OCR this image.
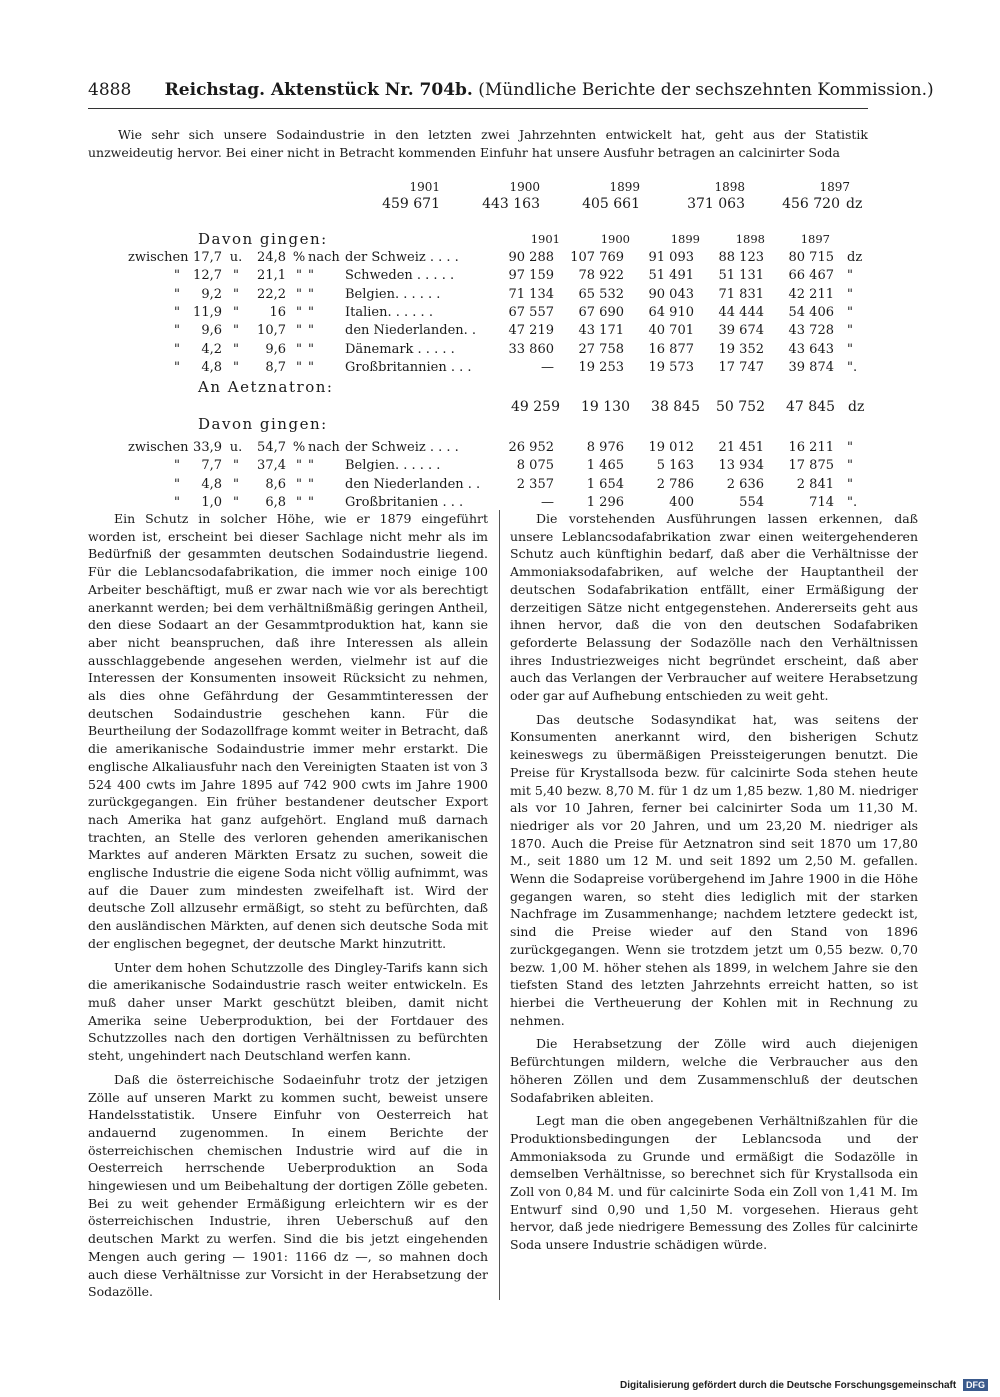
4888 Reichstag. Aktenstück Nr. 704b. (Mündliche Berichte der sechszehnten Kommission.)

Wie sehr sich unsere Sodaindustrie in den letzten zwei Jahrzehnten entwickelt hat, geht aus der Statistik unzweideutig hervor. Bei einer nicht in Betracht kommenden Einfuhr hat unsere Ausfuhr betragen an calcinirter Soda

1901	1900	1899	1898	1897
459 671	443 163	405 661	371 063	456 720 dz
Davon gingen:	1901	1900	1899	1898	1897
zwischen 17,7 u.	24,8 % nach der Schweiz . . . .	90 288	107 769	91 093	88 123	80 715 dz
"	12,7 "	21,1 " "	Schweden . . . . .	97 159	78 922	51 491	51 131	66 467 "
"	9,2 "	22,2 " "	Belgien. . . . . .	71 134	65 532	90 043	71 831	42 211 "
"	11,9 "	16 " "	Italien. . . . . .	67 557	67 690	64 910	44 444	54 406 "
"	9,6 "	10,7 " "	den Niederlanden. .	47 219	43 171	40 701	39 674	43 728 "
"	4,2 "	9,6 " "	Dänemark . . . . .	33 860	27 758	16 877	19 352	43 643 "
"	4,8 "	8,7 " "	Großbritannien . . .	—	19 253	19 573	17 747	39 874 ".
An Aetznatron:
49 259	19 130	38 845	50 752	47 845 dz
Davon gingen:
zwischen 33,9 u.	54,7 % nach der Schweiz . . . .	26 952	8 976	19 012	21 451	16 211 "
"	7,7 "	37,4 " "	Belgien. . . . . .	8 075	1 465	5 163	13 934	17 875 "
"	4,8 "	8,6 " "	den Niederlanden . .	2 357	1 654	2 786	2 636	2 841 "
"	1,0 "	6,8 " "	Großbritanien . . .	—	1 296	400	554	714 ".

Ein Schutz in solcher Höhe, wie er 1879 eingeführt worden ist, erscheint bei dieser Sachlage nicht mehr als im Bedürfniß der gesammten deutschen Sodaindustrie liegend. Für die Leblancsodafabrikation, die immer noch einige 100 Arbeiter beschäftigt, muß er zwar nach wie vor als berechtigt anerkannt werden; bei dem verhältnißmäßig geringen Antheil, den diese Sodaart an der Gesammtproduktion hat, kann sie aber nicht beanspruchen, daß ihre Interessen als allein ausschlaggebende angesehen werden, vielmehr ist auf die Interessen der Konsumenten insoweit Rücksicht zu nehmen, als dies ohne Gefährdung der Gesammtinteressen der deutschen Sodaindustrie geschehen kann. Für die Beurtheilung der Sodazollfrage kommt weiter in Betracht, daß die amerikanische Sodaindustrie immer mehr erstarkt. Die englische Alkaliausfuhr nach den Vereinigten Staaten ist von 3 524 400 cwts im Jahre 1895 auf 742 900 cwts im Jahre 1900 zurückgegangen. Ein früher bestandener deutscher Export nach Amerika hat ganz aufgehört. England muß darnach trachten, an Stelle des verloren gehenden amerikanischen Marktes auf anderen Märkten Ersatz zu suchen, soweit die englische Industrie die eigene Soda nicht völlig aufnimmt, was auf die Dauer zum mindesten zweifelhaft ist. Wird der deutsche Zoll allzusehr ermäßigt, so steht zu befürchten, daß den ausländischen Märkten, auf denen sich deutsche Soda mit der englischen begegnet, der deutsche Markt hinzutritt.

Unter dem hohen Schutzzolle des Dingley-Tarifs kann sich die amerikanische Sodaindustrie rasch weiter entwickeln. Es muß daher unser Markt geschützt bleiben, damit nicht Amerika seine Ueberproduktion, bei der Fortdauer des Schutzzolles nach den dortigen Verhältnissen zu befürchten steht, ungehindert nach Deutschland werfen kann.

Daß die österreichische Sodaeinfuhr trotz der jetzigen Zölle auf unseren Markt zu kommen sucht, beweist unsere Handelsstatistik. Unsere Einfuhr von Oesterreich hat andauernd zugenommen. In einem Berichte der österreichischen chemischen Industrie wird auf die in Oesterreich herrschende Ueberproduktion an Soda hingewiesen und um Beibehaltung der dortigen Zölle gebeten. Bei zu weit gehender Ermäßigung erleichtern wir es der österreichischen Industrie, ihren Ueberschuß auf den deutschen Markt zu werfen. Sind die bis jetzt eingehenden Mengen auch gering — 1901: 1166 dz —, so mahnen doch auch diese Verhältnisse zur Vorsicht in der Herabsetzung der Sodazölle.

Die vorstehenden Ausführungen lassen erkennen, daß unsere Leblancsodafabrikation zwar einen weitergehenderen Schutz auch künftighin bedarf, daß aber die Verhältnisse der Ammoniaksodafabriken, auf welche der Hauptantheil der deutschen Sodafabrikation entfällt, einer Ermäßigung der derzeitigen Sätze nicht entgegenstehen. Andererseits geht aus ihnen hervor, daß die von den deutschen Sodafabriken geforderte Belassung der Sodazölle nach den Verhältnissen ihres Industriezweiges nicht begründet erscheint, daß aber auch das Verlangen der Verbraucher auf weitere Herabsetzung oder gar auf Aufhebung entschieden zu weit geht.

Das deutsche Sodasyndikat hat, was seitens der Konsumenten anerkannt wird, den bisherigen Schutz keineswegs zu übermäßigen Preissteigerungen benutzt. Die Preise für Krystallsoda bezw. für calcinirte Soda stehen heute mit 5,40 bezw. 8,70 M. für 1 dz um 1,85 bezw. 1,80 M. niedriger als vor 10 Jahren, ferner bei calcinirter Soda um 11,30 M. niedriger als vor 20 Jahren, und um 23,20 M. niedriger als 1870. Auch die Preise für Aetznatron sind seit 1870 um 17,80 M., seit 1880 um 12 M. und seit 1892 um 2,50 M. gefallen. Wenn die Sodapreise vorübergehend im Jahre 1900 in die Höhe gegangen waren, so steht dies lediglich mit der starken Nachfrage im Zusammenhange; nachdem letztere gedeckt ist, sind die Preise wieder auf den Stand von 1896 zurückgegangen. Wenn sie trotzdem jetzt um 0,55 bezw. 0,70 bezw. 1,00 M. höher stehen als 1899, in welchem Jahre sie den tiefsten Stand des letzten Jahrzehnts erreicht hatten, so ist hierbei die Vertheuerung der Kohlen mit in Rechnung zu nehmen.

Die Herabsetzung der Zölle wird auch diejenigen Befürchtungen mildern, welche die Verbraucher aus den höheren Zöllen und dem Zusammenschluß der deutschen Sodafabriken ableiten.

Legt man die oben angegebenen Verhältnißzahlen für die Produktionsbedingungen der Leblancsoda und der Ammoniaksoda zu Grunde und ermäßigt die Sodazölle in demselben Verhältnisse, so berechnet sich für Krystallsoda ein Zoll von 0,84 M. und für calcinirte Soda ein Zoll von 1,41 M. Im Entwurf sind 0,90 und 1,50 M. vorgesehen. Hieraus geht hervor, daß jede niedrigere Bemessung des Zolles für calcinirte Soda unsere Industrie schädigen würde.

Digitalisierung gefördert durch die Deutsche Forschungsgemeinschaft DFG
